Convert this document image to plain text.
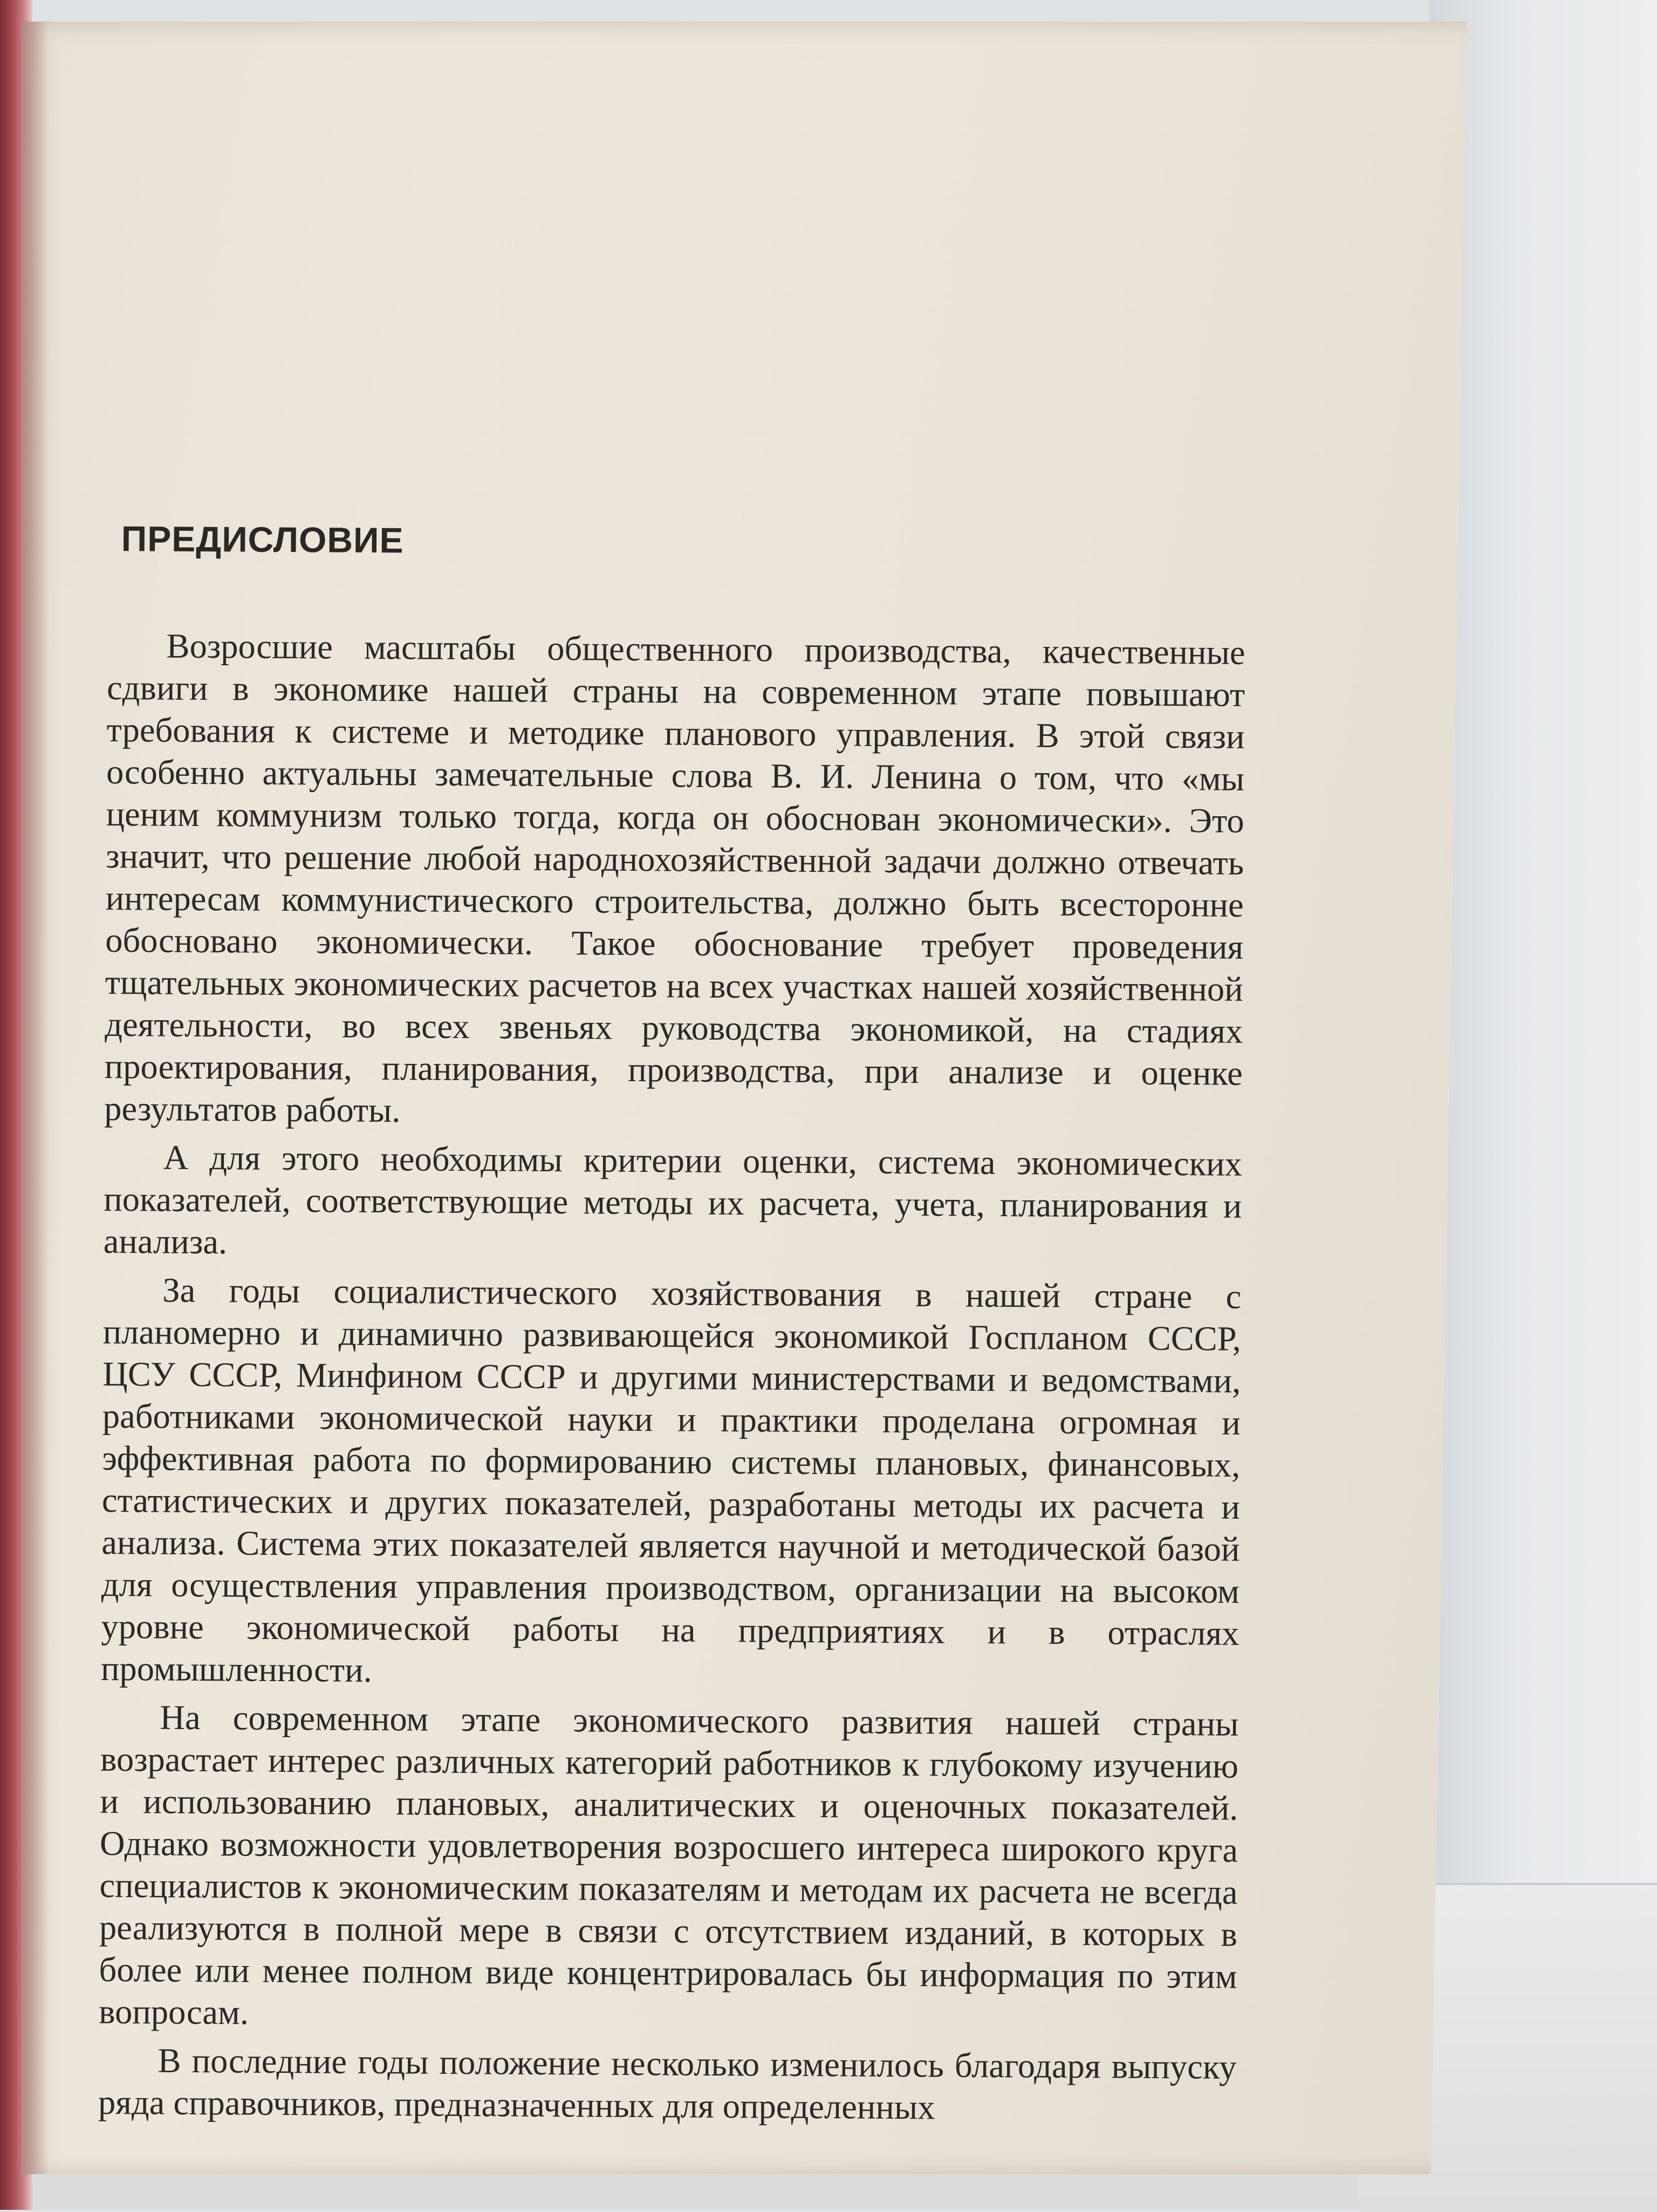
ПРЕДИСЛОВИЕ

Возросшие масштабы общественного производства, качественные сдвиги в экономике нашей страны на современном этапе повышают требования к системе и методике планового управления. В этой связи особенно актуальны замечательные слова В. И. Ленина о том, что «мы ценим коммунизм только тогда, когда он обоснован экономически». Это значит, что решение любой народнохозяйственной задачи должно отвечать интересам коммунистического строительства, должно быть всесторонне обосновано экономически. Такое обоснование требует проведения тщательных экономических расчетов на всех участках нашей хозяйственной деятельности, во всех звеньях руководства экономикой, на стадиях проектирования, планирования, производства, при анализе и оценке результатов работы.

А для этого необходимы критерии оценки, система экономических показателей, соответствующие методы их расчета, учета, планирования и анализа.

За годы социалистического хозяйствования в нашей стране с планомерно и динамично развивающейся экономикой Госпланом СССР, ЦСУ СССР, Минфином СССР и другими министерствами и ведомствами, работниками экономической науки и практики проделана огромная и эффективная работа по формированию системы плановых, финансовых, статистических и других показателей, разработаны методы их расчета и анализа. Система этих показателей является научной и методической базой для осуществления управления производством, организации на высоком уровне экономической работы на предприятиях и в отраслях промышленности.

На современном этапе экономического развития нашей страны возрастает интерес различных категорий работников к глубокому изучению и использованию плановых, аналитических и оценочных показателей. Однако возможности удовлетворения возросшего интереса широкого круга специалистов к экономическим показателям и методам их расчета не всегда реализуются в полной мере в связи с отсутствием изданий, в которых в более или менее полном виде концентрировалась бы информация по этим вопросам.

В последние годы положение несколько изменилось благодаря выпуску ряда справочников, предназначенных для определенных
